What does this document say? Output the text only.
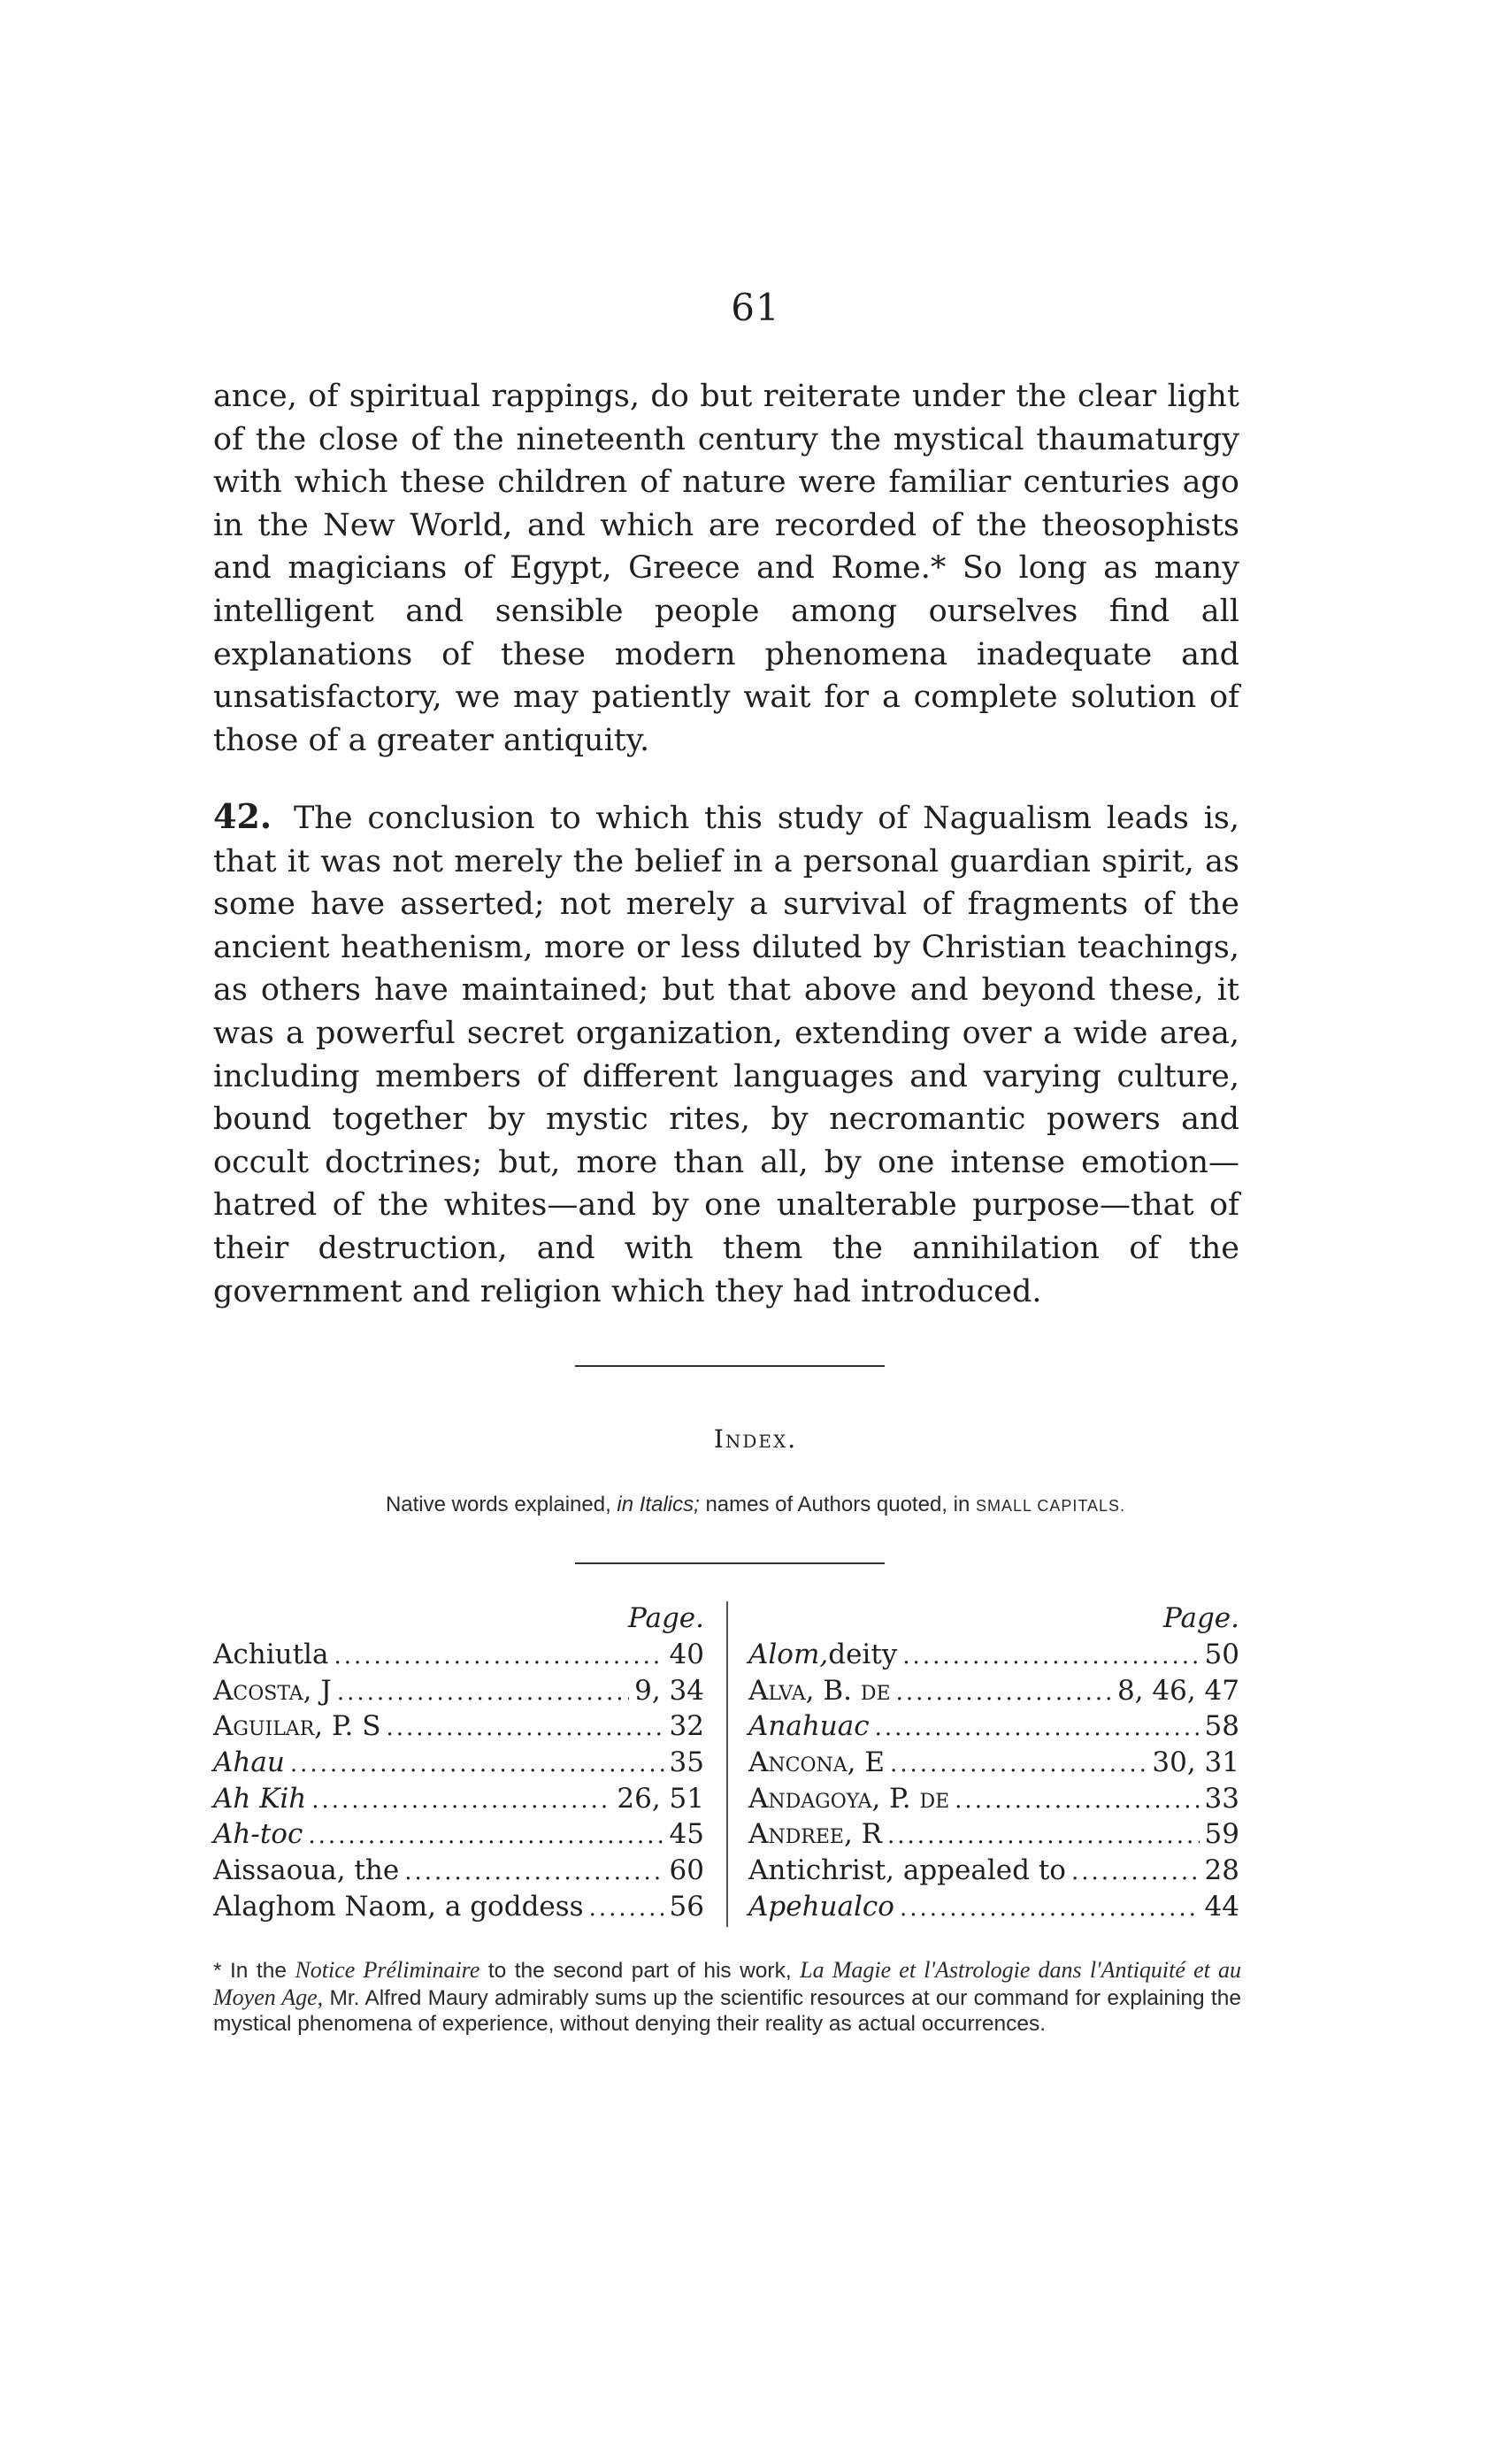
61

ance, of spiritual rappings, do but reiterate under the clear light of the close of the nineteenth century the mystical thaumaturgy with which these children of nature were familiar centuries ago in the New World, and which are recorded of the theosophists and magicians of Egypt, Greece and Rome.* So long as many intelligent and sensible people among ourselves find all explanations of these modern phenomena inadequate and unsatisfactory, we may patiently wait for a complete solution of those of a greater antiquity.

42. The conclusion to which this study of Nagualism leads is, that it was not merely the belief in a personal guardian spirit, as some have asserted; not merely a survival of fragments of the ancient heathenism, more or less diluted by Christian teachings, as others have maintained; but that above and beyond these, it was a powerful secret organization, extending over a wide area, including members of different languages and varying culture, bound together by mystic rites, by necromantic powers and occult doctrines; but, more than all, by one intense emotion—hatred of the whites—and by one unalterable purpose—that of their destruction, and with them the annihilation of the government and religion which they had introduced.

Index.
Native words explained, in Italics; names of Authors quoted, in SMALL CAPITALS.
Page.
Achiutla .....	40
Acosta, J .....	9, 34
Aguilar, P. S .....	32
Ahau .....	35
Ah Kih .....	26, 51
Ah-toc .....	45
Aissaoua, the .....	60
Alaghom Naom, a goddess .....	56
Page.
Alom, deity .....	50
Alva, B. de .....	8, 46, 47
Anahuac .....	58
Ancona, E .....	30, 31
Andagoya, P. de .....	33
Andree, R .....	59
Antichrist, appealed to .....	28
Apehualco .....	44
* In the Notice Préliminaire to the second part of his work, La Magie et l'Astrologie dans l'Antiquité et au Moyen Age, Mr. Alfred Maury admirably sums up the scientific resources at our command for explaining the mystical phenomena of experience, without denying their reality as actual occurrences.
